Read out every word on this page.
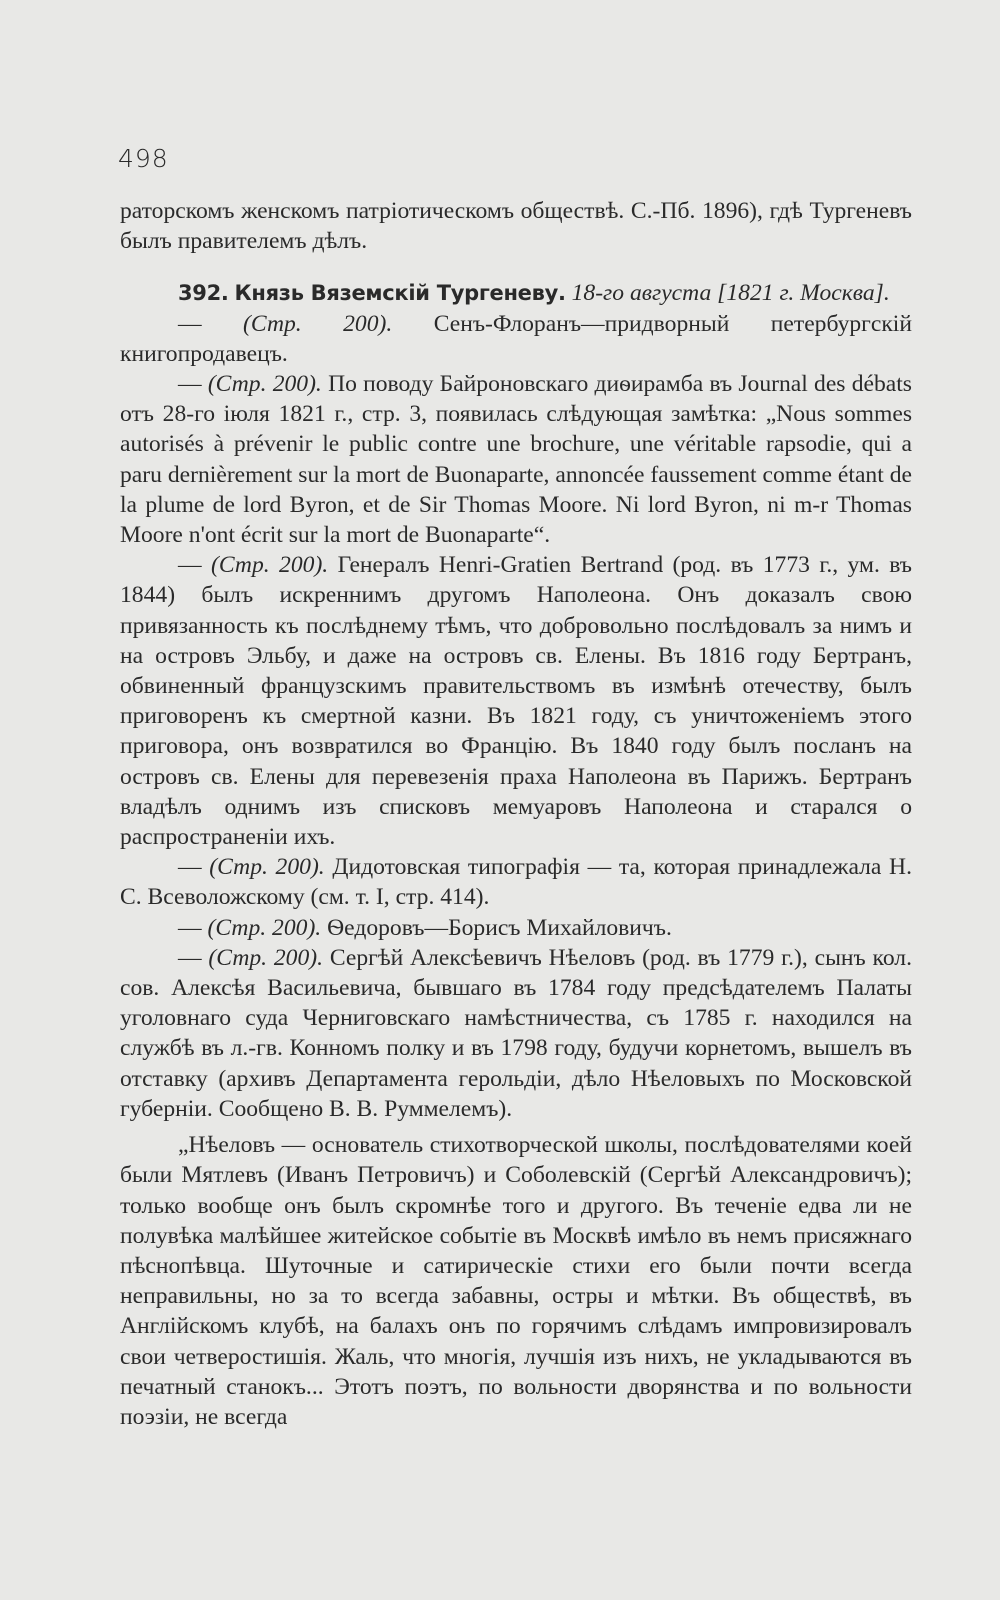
498

раторскомъ женскомъ патріотическомъ обществѣ. С.-Пб. 1896), гдѣ Тургеневъ былъ правителемъ дѣлъ.

392. Князь Вяземскій Тургеневу. 18-го августа [1821 г. Москва].

— (Стр. 200). Сенъ-Флоранъ—придворный петербургскій книгопродавецъ.

— (Стр. 200). По поводу Байроновскаго диѳирамба въ Journal des débats отъ 28-го іюля 1821 г., стр. 3, появилась слѣдующая замѣтка: „Nous sommes autorisés à prévenir le public contre une brochure, une véritable rapsodie, qui a paru dernièrement sur la mort de Buonaparte, annoncée faussement comme étant de la plume de lord Byron, et de Sir Thomas Moore. Ni lord Byron, ni m-r Thomas Moore n'ont écrit sur la mort de Buonaparte“.

— (Стр. 200). Генералъ Henri-Gratien Bertrand (род. въ 1773 г., ум. въ 1844) былъ искреннимъ другомъ Наполеона. Онъ доказалъ свою привязанность къ послѣднему тѣмъ, что добровольно послѣдовалъ за нимъ и на островъ Эльбу, и даже на островъ св. Елены. Въ 1816 году Бертранъ, обвиненный французскимъ правительствомъ въ измѣнѣ отечеству, былъ приговоренъ къ смертной казни. Въ 1821 году, съ уничтоженіемъ этого приговора, онъ возвратился во Францію. Въ 1840 году былъ посланъ на островъ св. Елены для перевезенія праха Наполеона въ Парижъ. Бертранъ владѣлъ однимъ изъ списковъ мемуаровъ Наполеона и старался о распространеніи ихъ.

— (Стр. 200). Дидотовская типографія — та, которая принадлежала Н. С. Всеволожскому (см. т. I, стр. 414).

— (Стр. 200). Ѳедоровъ—Борисъ Михайловичъ.

— (Стр. 200). Сергѣй Алексѣевичъ Нѣеловъ (род. въ 1779 г.), сынъ кол. сов. Алексѣя Васильевича, бывшаго въ 1784 году предсѣдателемъ Палаты уголовнаго суда Черниговскаго намѣстничества, съ 1785 г. находился на службѣ въ л.-гв. Конномъ полку и въ 1798 году, будучи корнетомъ, вышелъ въ отставку (архивъ Департамента герольдіи, дѣло Нѣеловыхъ по Московской губерніи. Сообщено В. В. Руммелемъ).

„Нѣеловъ — основатель стихотворческой школы, послѣдователями коей были Мятлевъ (Иванъ Петровичъ) и Соболевскій (Сергѣй Александровичъ); только вообще онъ былъ скромнѣе того и другого. Въ теченіе едва ли не полувѣка малѣйшее житейское событіе въ Москвѣ имѣло въ немъ присяжнаго пѣснопѣвца. Шуточные и сатирическіе стихи его были почти всегда неправильны, но за то всегда забавны, остры и мѣтки. Въ обществѣ, въ Англійскомъ клубѣ, на балахъ онъ по горячимъ слѣдамъ импровизировалъ свои четверостишія. Жаль, что многія, лучшія изъ нихъ, не укладываются въ печатный станокъ... Этотъ поэтъ, по вольности дворянства и по вольности поэзіи, не всегда
